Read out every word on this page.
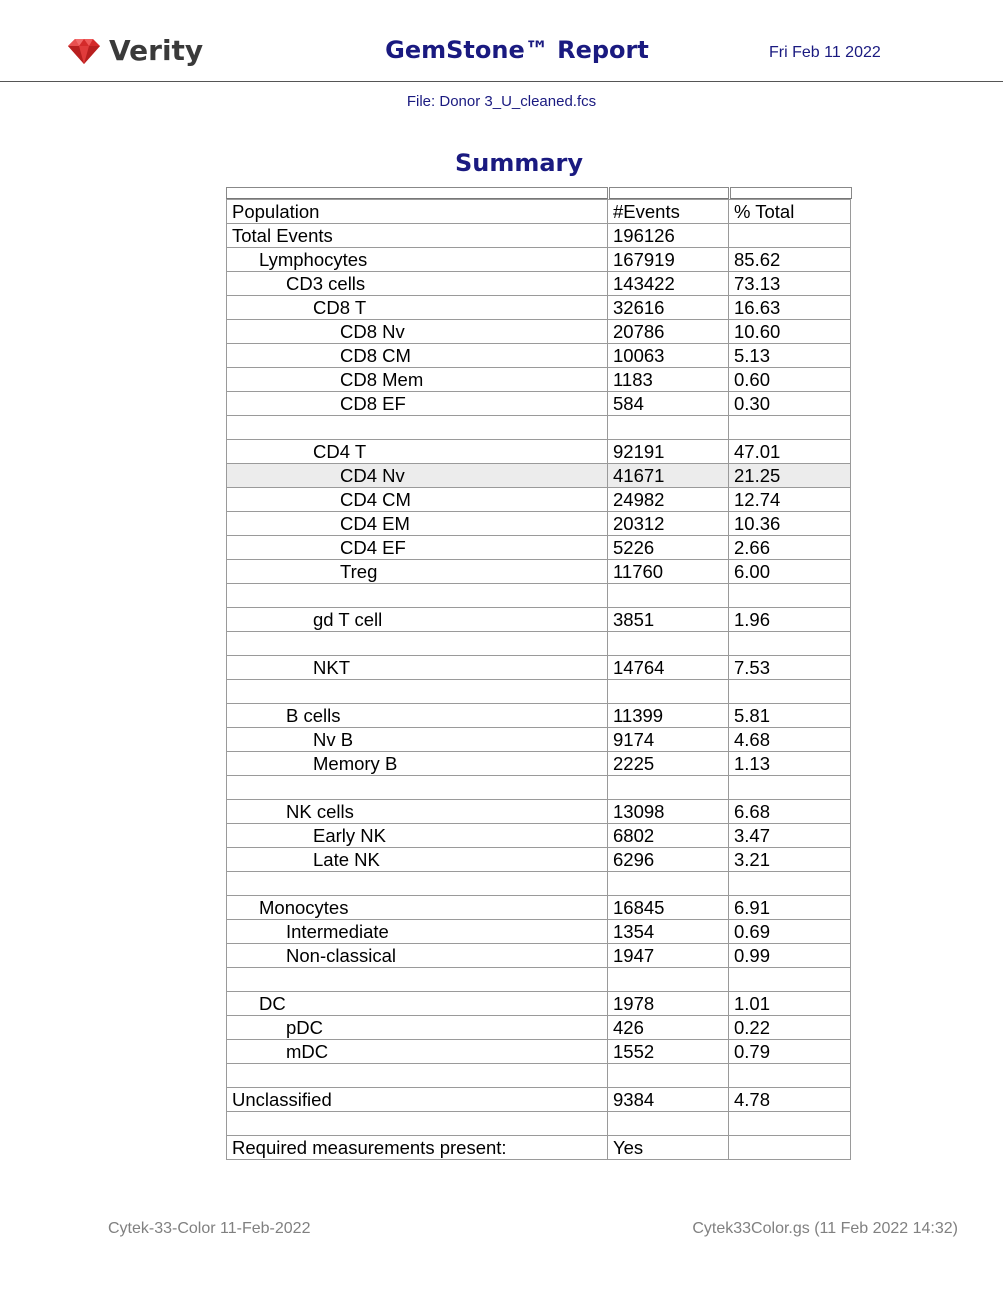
Verity	GemStone™ Report	Fri Feb 11 2022
File: Donor 3_U_cleaned.fcs
Summary
Population	#Events	% Total
Total Events	196126	
Lymphocytes	167919	85.62
CD3 cells	143422	73.13
CD8 T	32616	16.63
CD8 Nv	20786	10.60
CD8 CM	10063	5.13
CD8 Mem	1183	0.60
CD8 EF	584	0.30

CD4 T	92191	47.01
CD4 Nv	41671	21.25
CD4 CM	24982	12.74
CD4 EM	20312	10.36
CD4 EF	5226	2.66
Treg	11760	6.00

gd T cell	3851	1.96

NKT	14764	7.53

B cells	11399	5.81
Nv B	9174	4.68
Memory B	2225	1.13

NK cells	13098	6.68
Early NK	6802	3.47
Late NK	6296	3.21

Monocytes	16845	6.91
Intermediate	1354	0.69
Non-classical	1947	0.99

DC	1978	1.01
pDC	426	0.22
mDC	1552	0.79

Unclassified	9384	4.78

Required measurements present:	Yes	
Cytek-33-Color 11-Feb-2022	Cytek33Color.gs (11 Feb 2022 14:32)
